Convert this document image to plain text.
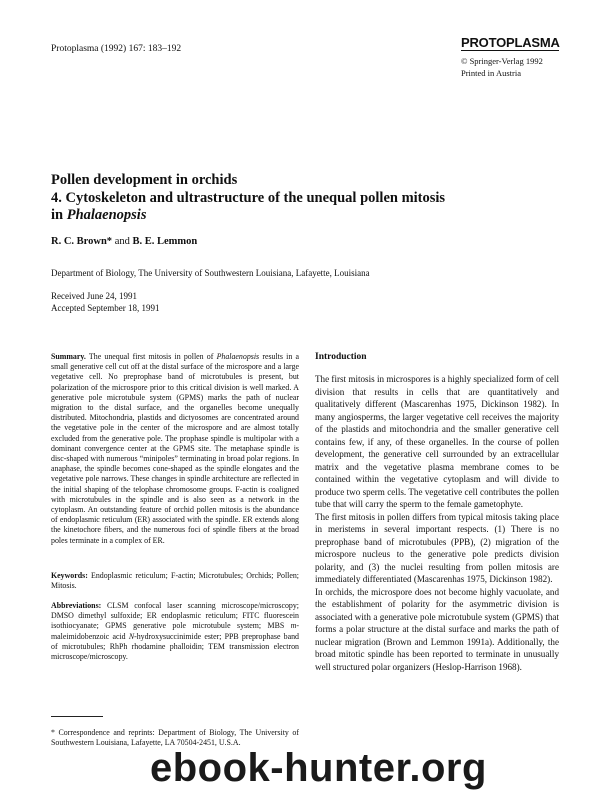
Protoplasma (1992) 167: 183–192	PROTOPLASMA
© Springer-Verlag 1992
Printed in Austria
Pollen development in orchids
4. Cytoskeleton and ultrastructure of the unequal pollen mitosis
in Phalaenopsis
R. C. Brown* and B. E. Lemmon
Department of Biology, The University of Southwestern Louisiana, Lafayette, Louisiana
Received June 24, 1991
Accepted September 18, 1991
Summary. The unequal first mitosis in pollen of Phalaenopsis results in a small generative cell cut off at the distal surface of the microspore and a large vegetative cell. No preprophase band of microtubules is present, but polarization of the microspore prior to this critical division is well marked. A generative pole microtubule system (GPMS) marks the path of nuclear migration to the distal surface, and the organelles become unequally distributed. Mitochondria, plastids and dictyosomes are concentrated around the vegetative pole in the center of the microspore and are almost totally excluded from the generative pole. The prophase spindle is multipolar with a dominant convergence center at the GPMS site. The metaphase spindle is disc-shaped with numerous “minipoles” terminating in broad polar regions. In anaphase, the spindle becomes cone-shaped as the spindle elongates and the vegetative pole narrows. These changes in spindle architecture are reflected in the initial shaping of the telophase chromosome groups. F-actin is coaligned with microtubules in the spindle and is also seen as a network in the cytoplasm. An outstanding feature of orchid pollen mitosis is the abundance of endoplasmic reticulum (ER) associated with the spindle. ER extends along the kinetochore fibers, and the numerous foci of spindle fibers at the broad poles terminate in a complex of ER.
Keywords: Endoplasmic reticulum; F-actin; Microtubules; Orchids; Pollen; Mitosis.
Abbreviations: CLSM confocal laser scanning microscope/microscopy; DMSO dimethyl sulfoxide; ER endoplasmic reticulum; FITC fluorescein isothiocyanate; GPMS generative pole microtubule system; MBS m-maleimidobenzoic acid N-hydroxysuccinimide ester; PPB preprophase band of microtubules; RhPh rhodamine phalloidin; TEM transmission electron microscope/microscopy.
* Correspondence and reprints: Department of Biology, The University of Southwestern Louisiana, Lafayette, LA 70504-2451, U.S.A.
Introduction

The first mitosis in microspores is a highly specialized form of cell division that results in cells that are quantitatively and qualitatively different (Mascarenhas 1975, Dickinson 1982). In many angiosperms, the larger vegetative cell receives the majority of the plastids and mitochondria and the smaller generative cell contains few, if any, of these organelles. In the course of pollen development, the generative cell surrounded by an extracellular matrix and the vegetative plasma membrane comes to be contained within the vegetative cytoplasm and will divide to produce two sperm cells. The vegetative cell contributes the pollen tube that will carry the sperm to the female gametophyte.

The first mitosis in pollen differs from typical mitosis taking place in meristems in several important respects. (1) There is no preprophase band of microtubules (PPB), (2) migration of the microspore nucleus to the generative pole predicts division polarity, and (3) the nuclei resulting from pollen mitosis are immediately differentiated (Mascarenhas 1975, Dickinson 1982).

In orchids, the microspore does not become highly vacuolate, and the establishment of polarity for the asymmetric division is associated with a generative pole microtubule system (GPMS) that forms a polar structure at the distal surface and marks the path of nuclear migration (Brown and Lemmon 1991a). Additionally, the broad mitotic spindle has been reported to terminate in unusually well structured polar organizers (Heslop-Harrison 1968).

ebook-hunter.org
